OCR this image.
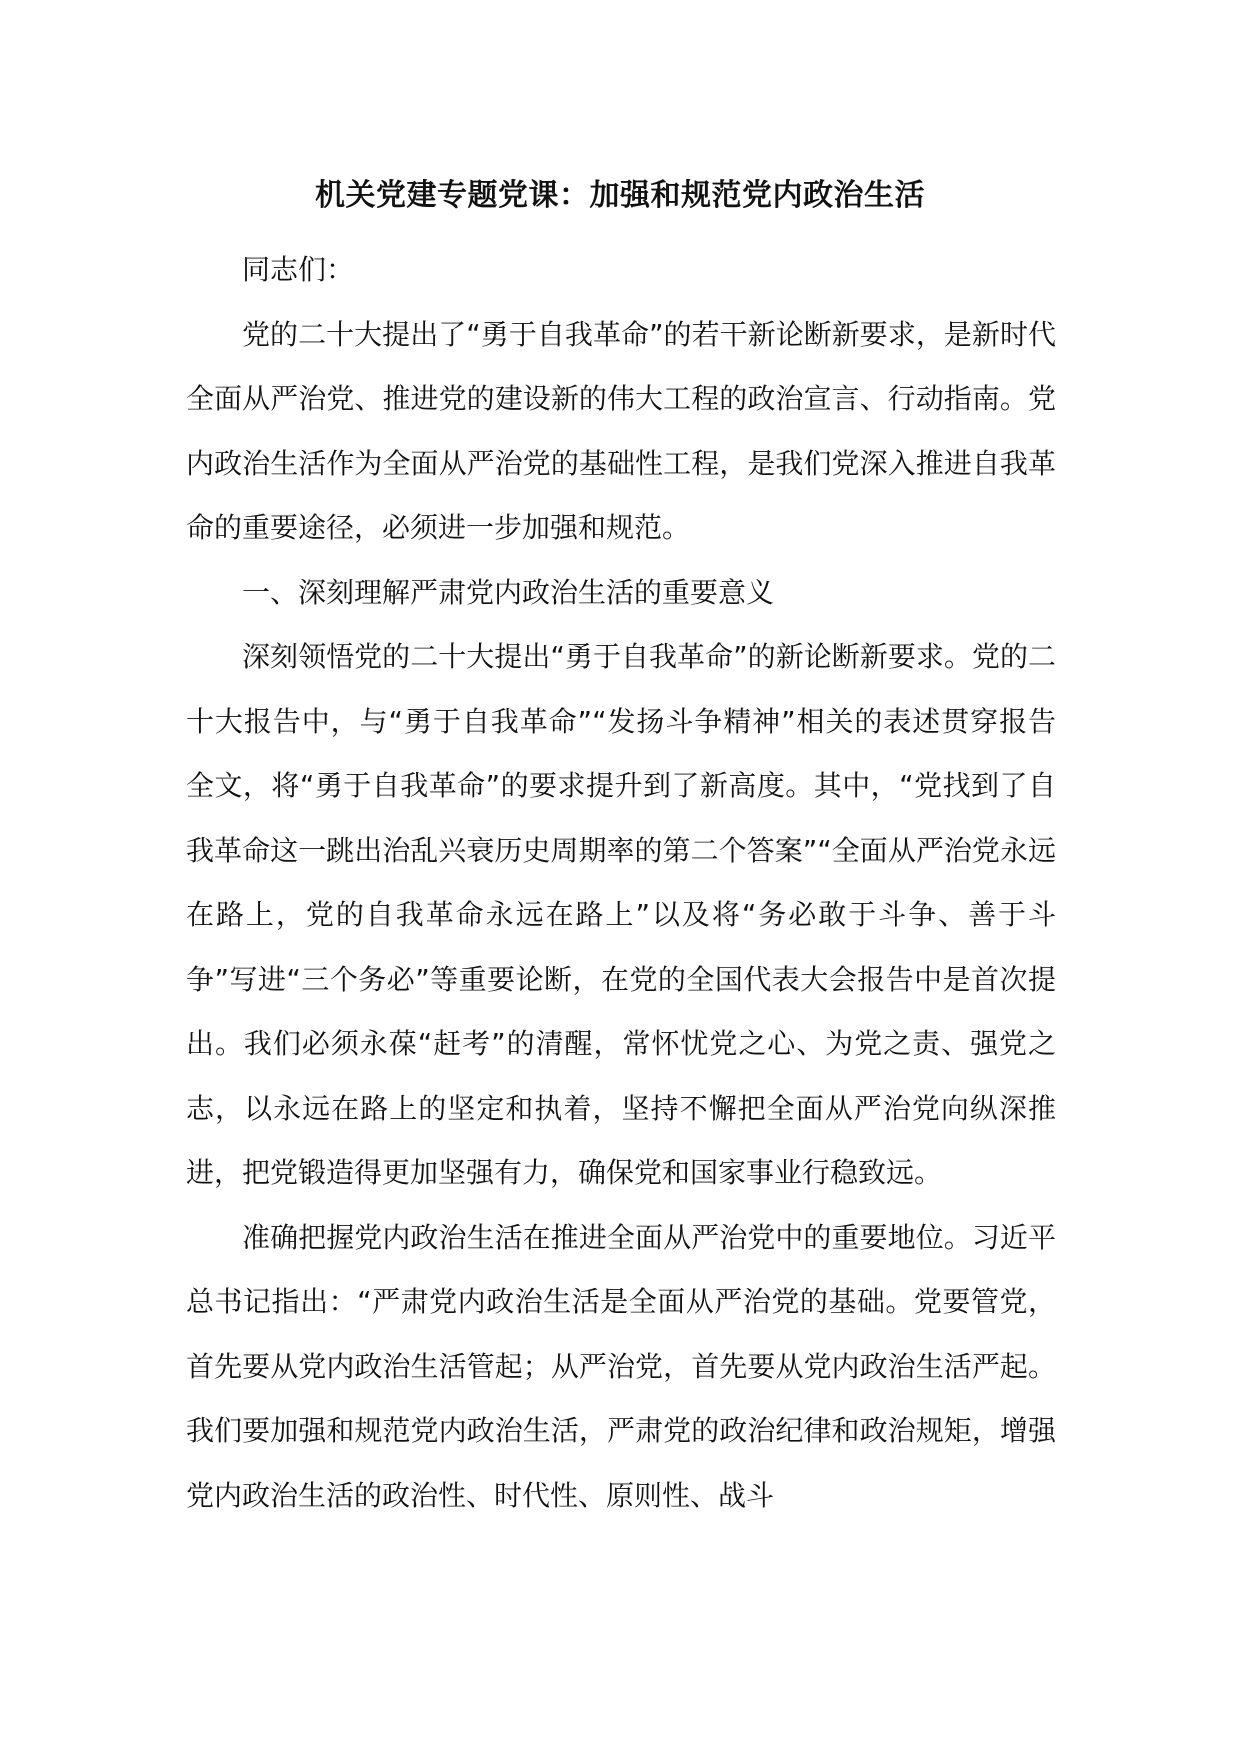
机关党建专题党课：加强和规范党内政治生活

同志们：

党的二十大提出了“勇于自我革命”的若干新论断新要求，是新时代全面从严治党、推进党的建设新的伟大工程的政治宣言、行动指南。党内政治生活作为全面从严治党的基础性工程，是我们党深入推进自我革命的重要途径，必须进一步加强和规范。

一、深刻理解严肃党内政治生活的重要意义

深刻领悟党的二十大提出“勇于自我革命”的新论断新要求。党的二十大报告中，与“勇于自我革命”“发扬斗争精神”相关的表述贯穿报告全文，将“勇于自我革命”的要求提升到了新高度。其中，“党找到了自我革命这一跳出治乱兴衰历史周期率的第二个答案”“全面从严治党永远在路上，党的自我革命永远在路上”以及将“务必敢于斗争、善于斗争”写进“三个务必”等重要论断，在党的全国代表大会报告中是首次提出。我们必须永葆“赶考”的清醒，常怀忧党之心、为党之责、强党之志，以永远在路上的坚定和执着，坚持不懈把全面从严治党向纵深推进，把党锻造得更加坚强有力，确保党和国家事业行稳致远。

准确把握党内政治生活在推进全面从严治党中的重要地位。习近平总书记指出：“严肃党内政治生活是全面从严治党的基础。党要管党，首先要从党内政治生活管起；从严治党，首先要从党内政治生活严起。我们要加强和规范党内政治生活，严肃党的政治纪律和政治规矩，增强党内政治生活的政治性、时代性、原则性、战斗
